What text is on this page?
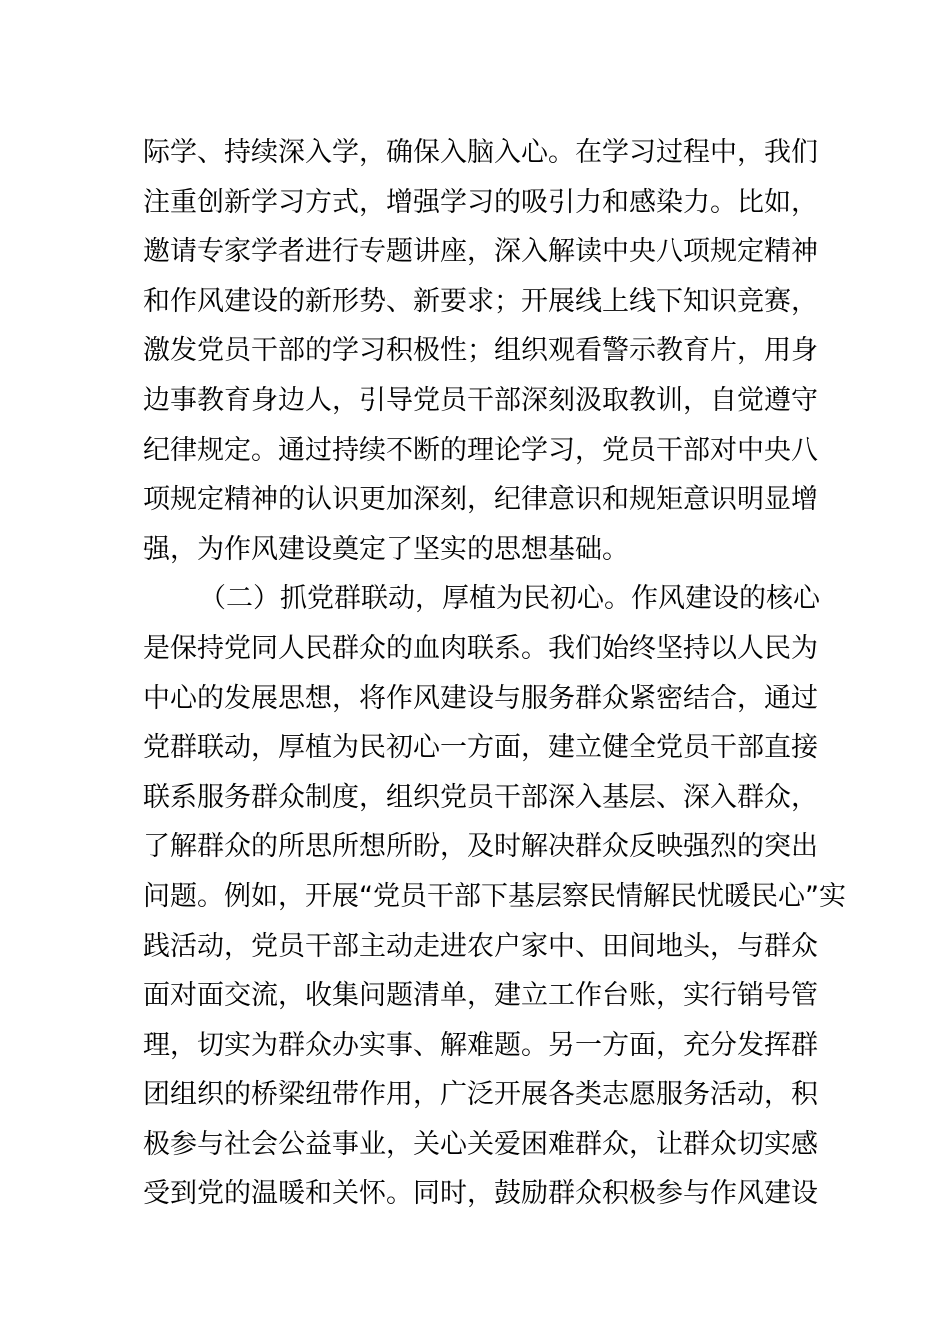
际学、持续深入学，确保入脑入心。在学习过程中，我们
注重创新学习方式，增强学习的吸引力和感染力。比如，
邀请专家学者进行专题讲座，深入解读中央八项规定精神
和作风建设的新形势、新要求；开展线上线下知识竞赛，
激发党员干部的学习积极性；组织观看警示教育片，用身
边事教育身边人，引导党员干部深刻汲取教训，自觉遵守
纪律规定。通过持续不断的理论学习，党员干部对中央八
项规定精神的认识更加深刻，纪律意识和规矩意识明显增
强，为作风建设奠定了坚实的思想基础。
（二）抓党群联动，厚植为民初心。作风建设的核心
是保持党同人民群众的血肉联系。我们始终坚持以人民为
中心的发展思想，将作风建设与服务群众紧密结合，通过
党群联动，厚植为民初心一方面，建立健全党员干部直接
联系服务群众制度，组织党员干部深入基层、深入群众，
了解群众的所思所想所盼，及时解决群众反映强烈的突出
问题。例如，开展“党员干部下基层察民情解民忧暖民心”实
践活动，党员干部主动走进农户家中、田间地头，与群众
面对面交流，收集问题清单，建立工作台账，实行销号管
理，切实为群众办实事、解难题。另一方面，充分发挥群
团组织的桥梁纽带作用，广泛开展各类志愿服务活动，积
极参与社会公益事业，关心关爱困难群众，让群众切实感
受到党的温暖和关怀。同时，鼓励群众积极参与作风建设
